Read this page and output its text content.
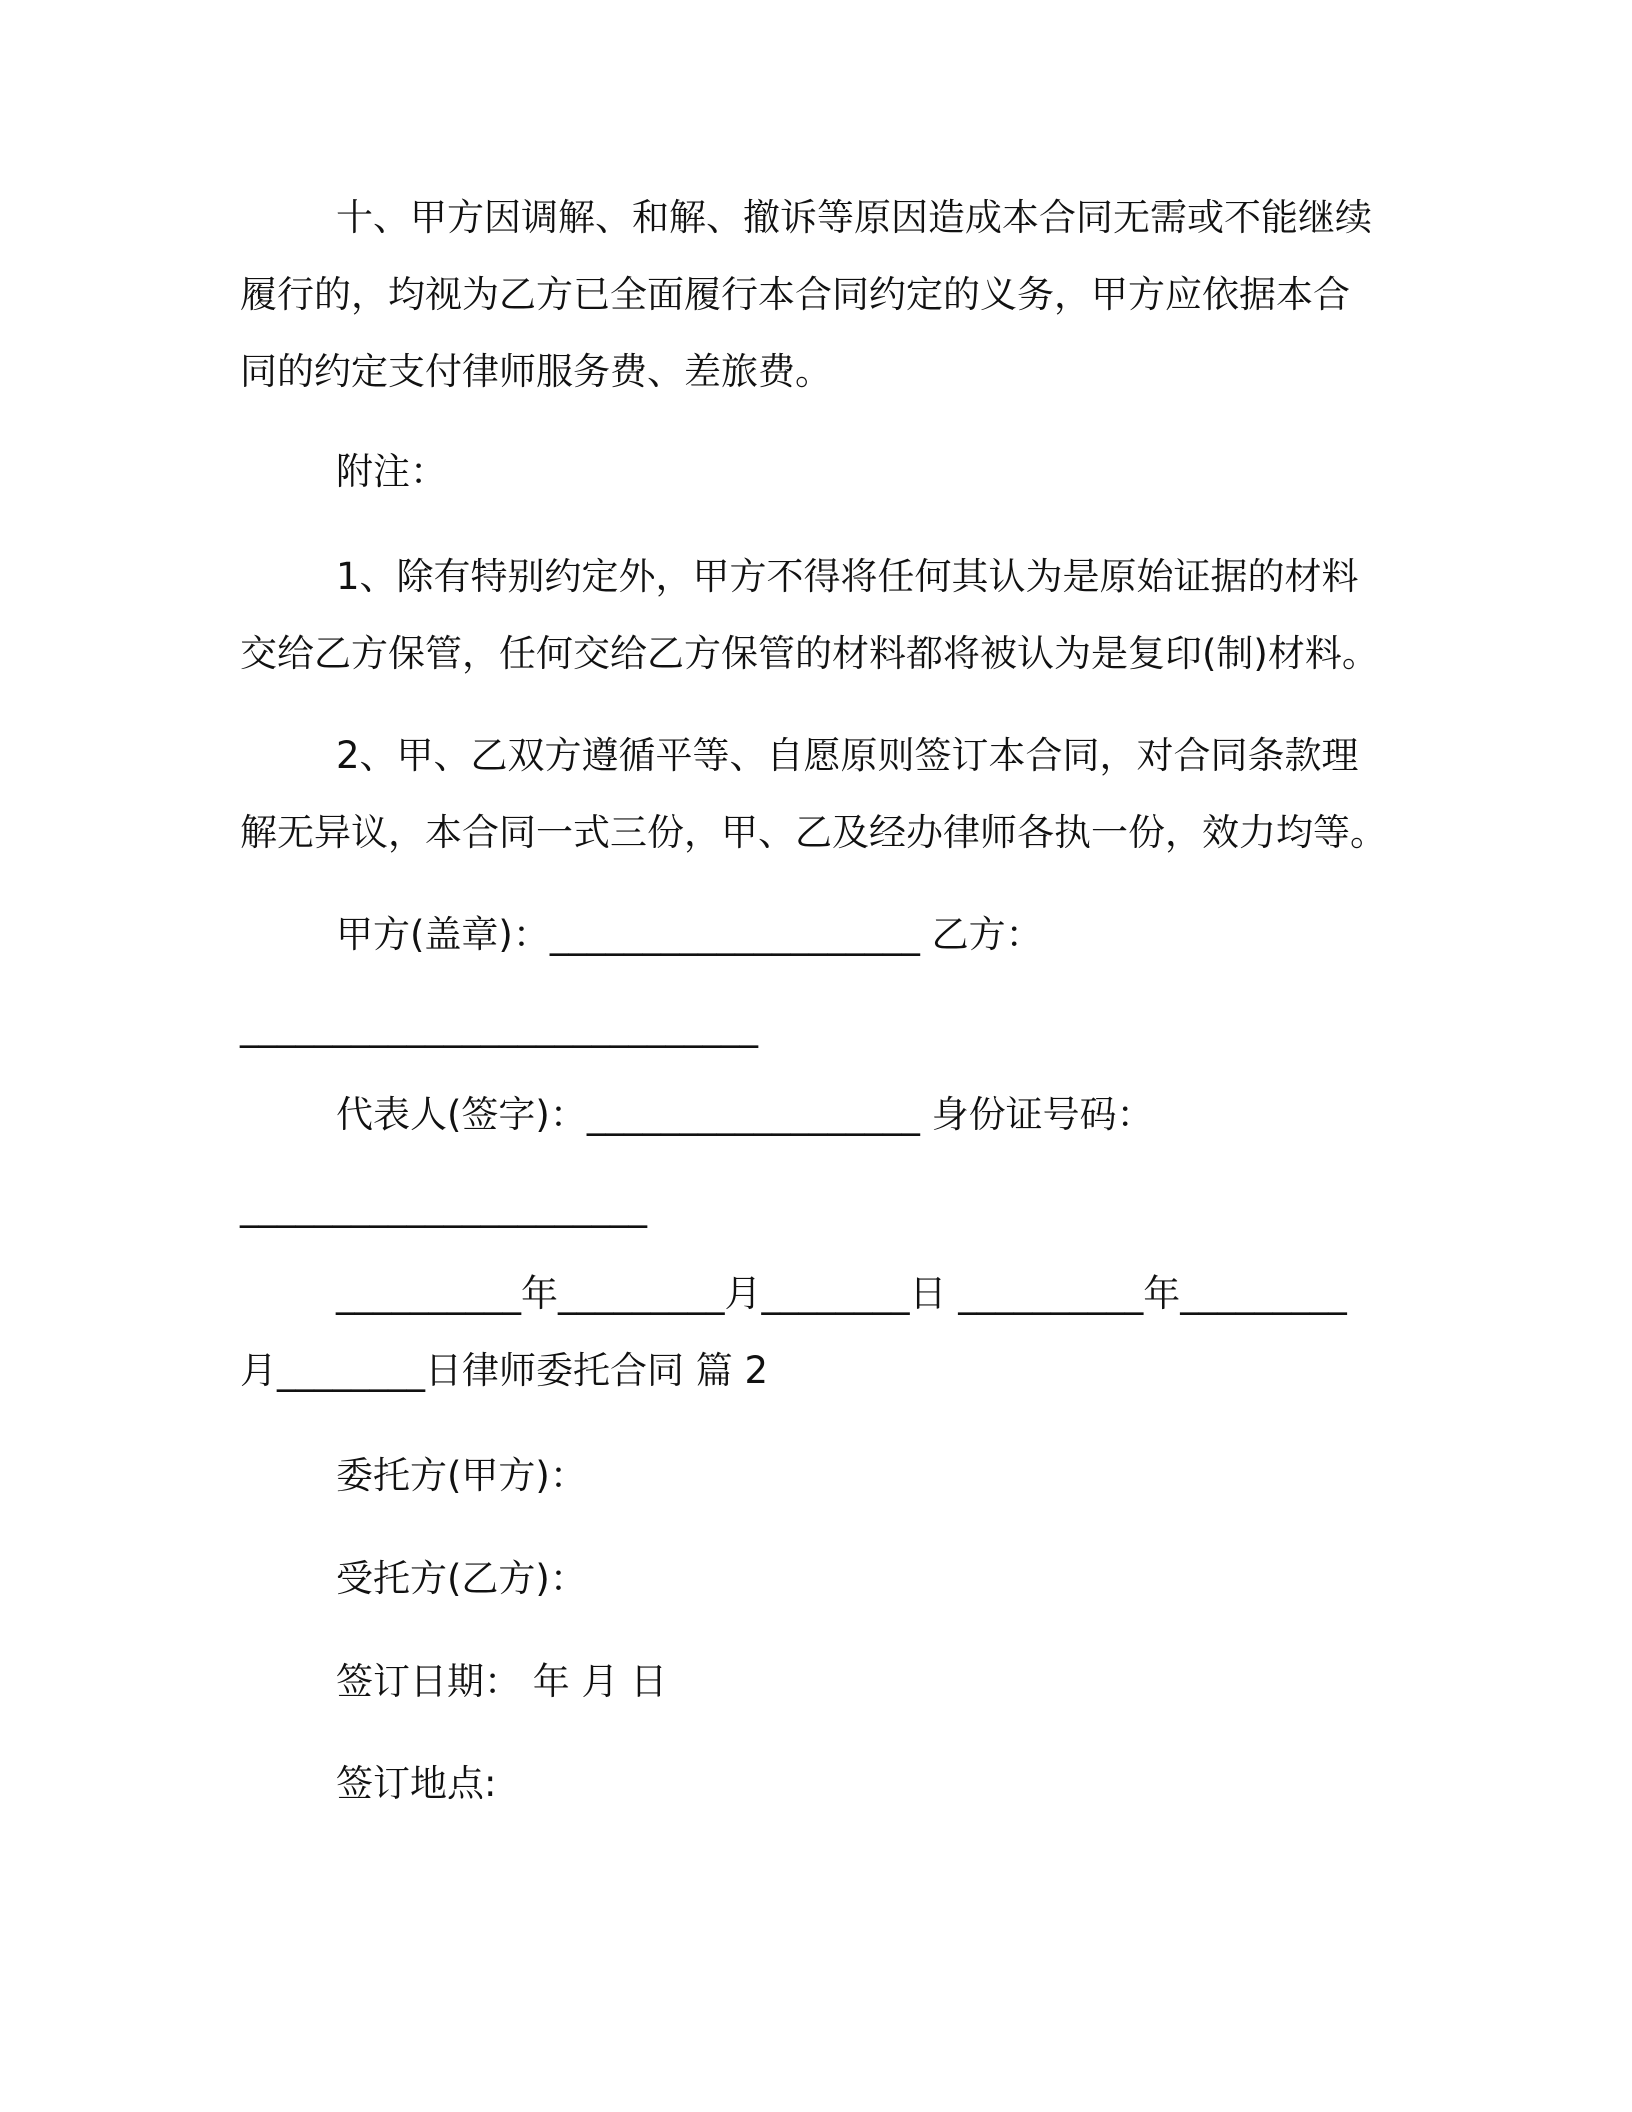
十、甲方因调解、和解、撤诉等原因造成本合同无需或不能继续
履行的，均视为乙方已全面履行本合同约定的义务，甲方应依据本合
同的约定支付律师服务费、差旅费。
附注：
1、除有特别约定外，甲方不得将任何其认为是原始证据的材料
交给乙方保管，任何交给乙方保管的材料都将被认为是复印(制)材料。
2、甲、乙双方遵循平等、自愿原则签订本合同，对合同条款理
解无异议，本合同一式三份，甲、乙及经办律师各执一份，效力均等。
甲方(盖章)：____________________ 乙方：
____________________________
代表人(签字)：__________________ 身份证号码：
______________________
__________年_________月________日 __________年_________
月________日律师委托合同 篇 2
委托方(甲方)：
受托方(乙方)：
签订日期： 年 月 日
签订地点:
